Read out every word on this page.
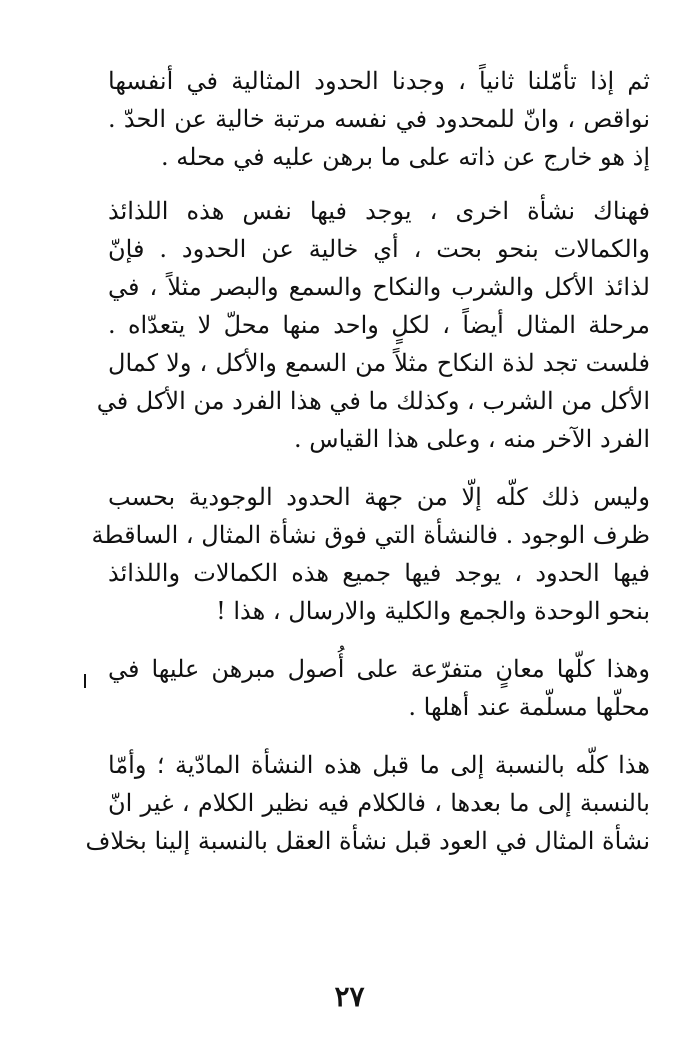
ثم إذا تأمّلنا ثانياً ، وجدنا الحدود المثالية في أنفسها
نواقص ، وانّ للمحدود في نفسه مرتبة خالية عن الحدّ .
إذ هو خارج عن ذاته على ما برهن عليه في محله .
فهناك نشأة اخرى ، يوجد فيها نفس هذه اللذائذ
والكمالات بنحو بحت ، أي خالية عن الحدود . فإنّ
لذائذ الأكل والشرب والنكاح والسمع والبصر مثلاً ، في
مرحلة المثال أيضاً ، لكلٍ واحد منها محلّ لا يتعدّاه .
فلست تجد لذة النكاح مثلاً من السمع والأكل ، ولا كمال
الأكل من الشرب ، وكذلك ما في هذا الفرد من الأكل في
الفرد الآخر منه ، وعلى هذا القياس .
وليس ذلك كلّه إلّا من جهة الحدود الوجودية بحسب
ظرف الوجود . فالنشأة التي فوق نشأة المثال ، الساقطة
فيها الحدود ، يوجد فيها جميع هذه الكمالات واللذائذ
بنحو الوحدة والجمع والكلية والارسال ، هذا !
وهذا كلّها معانٍ متفرّعة على أُصول مبرهن عليها في
محلّها مسلّمة عند أهلها .
هذا كلّه بالنسبة إلى ما قبل هذه النشأة المادّية ؛ وأمّا
بالنسبة إلى ما بعدها ، فالكلام فيه نظير الكلام ، غير انّ
نشأة المثال في العود قبل نشأة العقل بالنسبة إلينا بخلاف
٢٧
